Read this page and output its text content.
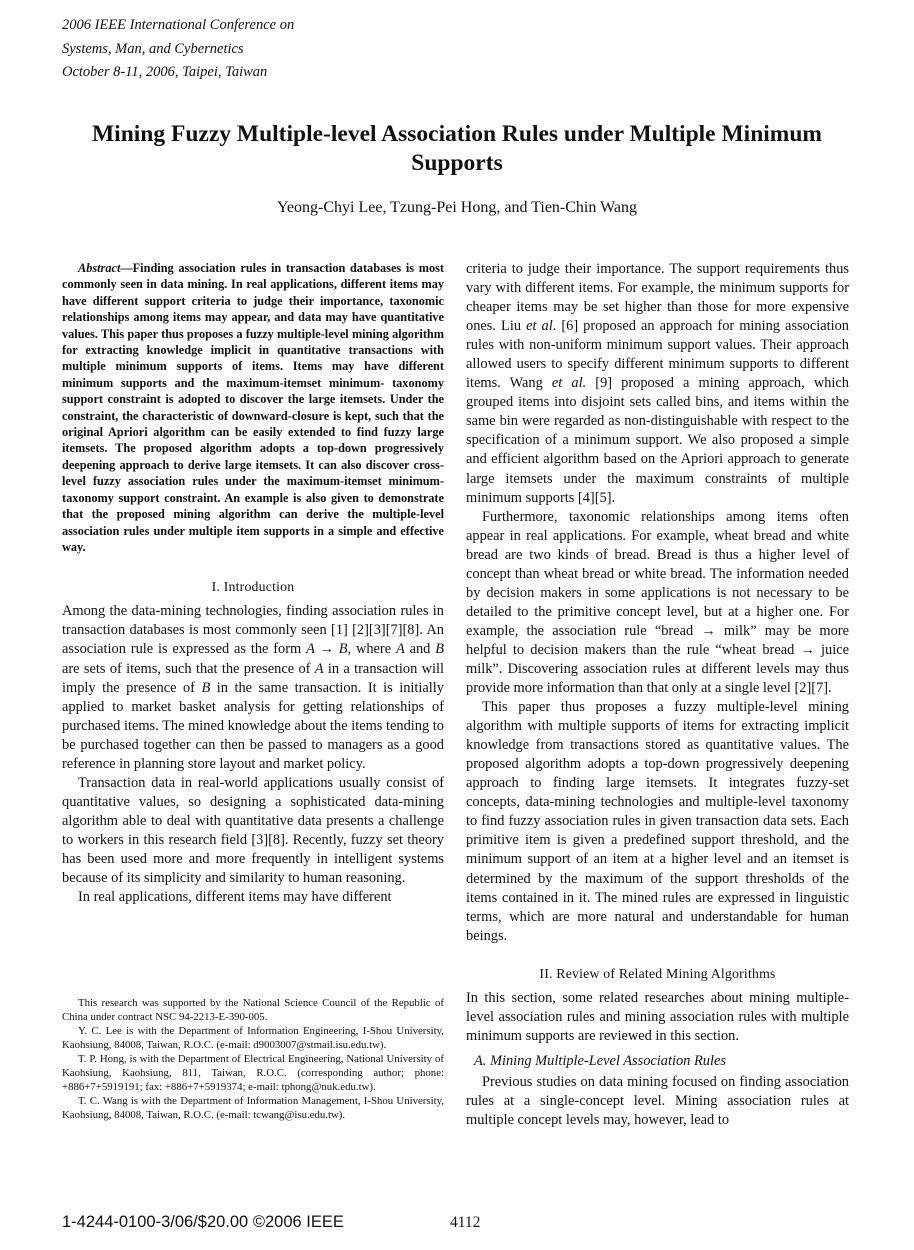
2006 IEEE International Conference on
Systems, Man, and Cybernetics
October 8-11, 2006, Taipei, Taiwan
Mining Fuzzy Multiple-level Association Rules under Multiple Minimum Supports
Yeong-Chyi Lee, Tzung-Pei Hong, and Tien-Chin Wang

Abstract—Finding association rules in transaction databases is most commonly seen in data mining. In real applications, different items may have different support criteria to judge their importance, taxonomic relationships among items may appear, and data may have quantitative values. This paper thus proposes a fuzzy multiple-level mining algorithm for extracting knowledge implicit in quantitative transactions with multiple minimum supports of items. Items may have different minimum supports and the maximum-itemset minimum- taxonomy support constraint is adopted to discover the large itemsets. Under the constraint, the characteristic of downward-closure is kept, such that the original Apriori algorithm can be easily extended to find fuzzy large itemsets. The proposed algorithm adopts a top-down progressively deepening approach to derive large itemsets. It can also discover cross-level fuzzy association rules under the maximum-itemset minimum-taxonomy support constraint. An example is also given to demonstrate that the proposed mining algorithm can derive the multiple-level association rules under multiple item supports in a simple and effective way.

I. Introduction

Among the data-mining technologies, finding association rules in transaction databases is most commonly seen [1] [2][3][7][8]. An association rule is expressed as the form A → B, where A and B are sets of items, such that the presence of A in a transaction will imply the presence of B in the same transaction. It is initially applied to market basket analysis for getting relationships of purchased items. The mined knowledge about the items tending to be purchased together can then be passed to managers as a good reference in planning store layout and market policy.

Transaction data in real-world applications usually consist of quantitative values, so designing a sophisticated data-mining algorithm able to deal with quantitative data presents a challenge to workers in this research field [3][8]. Recently, fuzzy set theory has been used more and more frequently in intelligent systems because of its simplicity and similarity to human reasoning.

In real applications, different items may have different

This research was supported by the National Science Council of the Republic of China under contract NSC 94-2213-E-390-005.

Y. C. Lee is with the Department of Information Engineering, I-Shou University, Kaohsiung, 84008, Taiwan, R.O.C. (e-mail: d9003007@stmail.isu.edu.tw).

T. P. Hong, is with the Department of Electrical Engineering, National University of Kaohsiung, Kaohsiung, 811, Taiwan, R.O.C. (corresponding author; phone: +886+7+5919191; fax: +886+7+5919374; e-mail: tphong@nuk.edu.tw).

T. C. Wang is with the Department of Information Management, I-Shou University, Kaohsiung, 84008, Taiwan, R.O.C. (e-mail: tcwang@isu.edu.tw).

criteria to judge their importance. The support requirements thus vary with different items. For example, the minimum supports for cheaper items may be set higher than those for more expensive ones. Liu et al. [6] proposed an approach for mining association rules with non-uniform minimum support values. Their approach allowed users to specify different minimum supports to different items. Wang et al. [9] proposed a mining approach, which grouped items into disjoint sets called bins, and items within the same bin were regarded as non-distinguishable with respect to the specification of a minimum support. We also proposed a simple and efficient algorithm based on the Apriori approach to generate large itemsets under the maximum constraints of multiple minimum supports [4][5].

Furthermore, taxonomic relationships among items often appear in real applications. For example, wheat bread and white bread are two kinds of bread. Bread is thus a higher level of concept than wheat bread or white bread. The information needed by decision makers in some applications is not necessary to be detailed to the primitive concept level, but at a higher one. For example, the association rule “bread → milk” may be more helpful to decision makers than the rule “wheat bread → juice milk”. Discovering association rules at different levels may thus provide more information than that only at a single level [2][7].

This paper thus proposes a fuzzy multiple-level mining algorithm with multiple supports of items for extracting implicit knowledge from transactions stored as quantitative values. The proposed algorithm adopts a top-down progressively deepening approach to finding large itemsets. It integrates fuzzy-set concepts, data-mining technologies and multiple-level taxonomy to find fuzzy association rules in given transaction data sets. Each primitive item is given a predefined support threshold, and the minimum support of an item at a higher level and an itemset is determined by the maximum of the support thresholds of the items contained in it. The mined rules are expressed in linguistic terms, which are more natural and understandable for human beings.

II. Review of Related Mining Algorithms

In this section, some related researches about mining multiple-level association rules and mining association rules with multiple minimum supports are reviewed in this section.

A. Mining Multiple-Level Association Rules

Previous studies on data mining focused on finding association rules at a single-concept level. Mining association rules at multiple concept levels may, however, lead to

1-4244-0100-3/06/$20.00 ©2006 IEEE	4112
